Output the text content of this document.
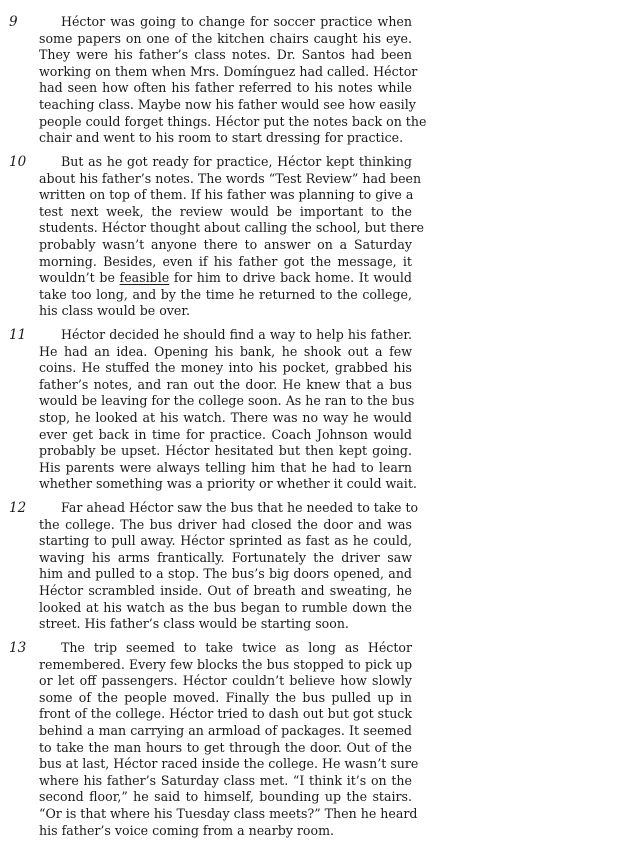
9	Héctor was going to change for soccer practice when
some papers on one of the kitchen chairs caught his eye.
They were his father’s class notes. Dr. Santos had been
working on them when Mrs. Domínguez had called. Héctor
had seen how often his father referred to his notes while
teaching class. Maybe now his father would see how easily
people could forget things. Héctor put the notes back on the
chair and went to his room to start dressing for practice.
10	But as he got ready for practice, Héctor kept thinking
about his father’s notes. The words “Test Review” had been
written on top of them. If his father was planning to give a
test next week, the review would be important to the
students. Héctor thought about calling the school, but there
probably wasn’t anyone there to answer on a Saturday
morning. Besides, even if his father got the message, it
wouldn’t be feasible for him to drive back home. It would
take too long, and by the time he returned to the college,
his class would be over.
11	Héctor decided he should find a way to help his father.
He had an idea. Opening his bank, he shook out a few
coins. He stuffed the money into his pocket, grabbed his
father’s notes, and ran out the door. He knew that a bus
would be leaving for the college soon. As he ran to the bus
stop, he looked at his watch. There was no way he would
ever get back in time for practice. Coach Johnson would
probably be upset. Héctor hesitated but then kept going.
His parents were always telling him that he had to learn
whether something was a priority or whether it could wait.
12	Far ahead Héctor saw the bus that he needed to take to
the college. The bus driver had closed the door and was
starting to pull away. Héctor sprinted as fast as he could,
waving his arms frantically. Fortunately the driver saw
him and pulled to a stop. The bus’s big doors opened, and
Héctor scrambled inside. Out of breath and sweating, he
looked at his watch as the bus began to rumble down the
street. His father’s class would be starting soon.
13	The trip seemed to take twice as long as Héctor
remembered. Every few blocks the bus stopped to pick up
or let off passengers. Héctor couldn’t believe how slowly
some of the people moved. Finally the bus pulled up in
front of the college. Héctor tried to dash out but got stuck
behind a man carrying an armload of packages. It seemed
to take the man hours to get through the door. Out of the
bus at last, Héctor raced inside the college. He wasn’t sure
where his father’s Saturday class met. “I think it’s on the
second floor,” he said to himself, bounding up the stairs.
“Or is that where his Tuesday class meets?” Then he heard
his father’s voice coming from a nearby room.
